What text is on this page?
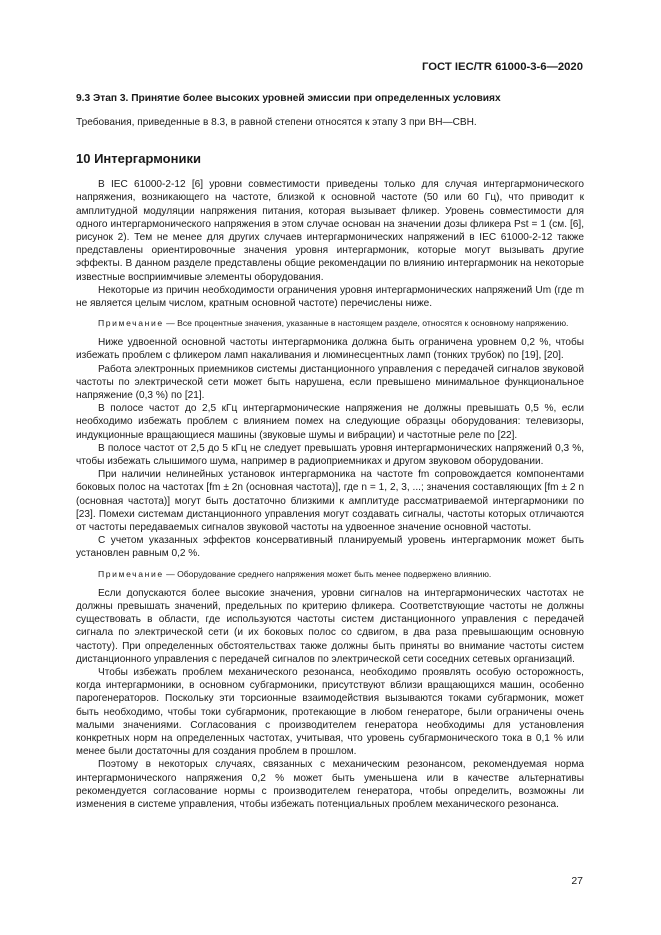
ГОСТ IEC/TR 61000-3-6—2020
9.3 Этап 3. Принятие более высоких уровней эмиссии при определенных условиях
Требования, приведенные в 8.3, в равной степени относятся к этапу 3 при ВН—СВН.
10 Интергармоники

В IEC 61000-2-12 [6] уровни совместимости приведены только для случая интергармонического напряжения, возникающего на частоте, близкой к основной частоте (50 или 60 Гц), что приводит к амплитудной модуляции напряжения питания, которая вызывает фликер. Уровень совместимости для одного интергармонического напряжения в этом случае основан на значении дозы фликера Pst = 1 (см. [6], рисунок 2). Тем не менее для других случаев интергармонических напряжений в IEC 61000-2-12 также представлены ориентировочные значения уровня интергармоник, которые могут вызывать другие эффекты. В данном разделе представлены общие рекомендации по влиянию интергармоник на некоторые известные восприимчивые элементы оборудования.

Некоторые из причин необходимости ограничения уровня интергармонических напряжений Um (где m не является целым числом, кратным основной частоте) перечислены ниже.

Примечание — Все процентные значения, указанные в настоящем разделе, относятся к основному напряжению.

Ниже удвоенной основной частоты интергармоника должна быть ограничена уровнем 0,2 %, чтобы избежать проблем с фликером ламп накаливания и люминесцентных ламп (тонких трубок) по [19], [20].

Работа электронных приемников системы дистанционного управления с передачей сигналов звуковой частоты по электрической сети может быть нарушена, если превышено минимальное функциональное напряжение (0,3 %) по [21].

В полосе частот до 2,5 кГц интергармонические напряжения не должны превышать 0,5 %, если необходимо избежать проблем с влиянием помех на следующие образцы оборудования: телевизоры, индукционные вращающиеся машины (звуковые шумы и вибрации) и частотные реле по [22].

В полосе частот от 2,5 до 5 кГц не следует превышать уровня интергармонических напряжений 0,3 %, чтобы избежать слышимого шума, например в радиоприемниках и другом звуковом оборудовании.

При наличии нелинейных установок интергармоника на частоте fm сопровождается компонентами боковых полос на частотах [fm ± 2n (основная частота)], где n = 1, 2, 3, ...; значения составляющих [fm ± 2 n (основная частота)] могут быть достаточно близкими к амплитуде рассматриваемой интергармоники по [23]. Помехи системам дистанционного управления могут создавать сигналы, частоты которых отличаются от частоты передаваемых сигналов звуковой частоты на удвоенное значение основной частоты.

С учетом указанных эффектов консервативный планируемый уровень интергармоник может быть установлен равным 0,2 %.

Примечание — Оборудование среднего напряжения может быть менее подвержено влиянию.

Если допускаются более высокие значения, уровни сигналов на интергармонических частотах не должны превышать значений, предельных по критерию фликера. Соответствующие частоты не должны существовать в области, где используются частоты систем дистанционного управления с передачей сигнала по электрической сети (и их боковых полос со сдвигом, в два раза превышающим основную частоту). При определенных обстоятельствах также должны быть приняты во внимание частоты систем дистанционного управления с передачей сигналов по электрической сети соседних сетевых организаций.

Чтобы избежать проблем механического резонанса, необходимо проявлять особую осторожность, когда интергармоники, в основном субгармоники, присутствуют вблизи вращающихся машин, особенно парогенераторов. Поскольку эти торсионные взаимодействия вызываются токами субгармоник, может быть необходимо, чтобы токи субгармоник, протекающие в любом генераторе, были ограничены очень малыми значениями. Согласования с производителем генератора необходимы для установления конкретных норм на определенных частотах, учитывая, что уровень субгармонического тока в 0,1 % или менее были достаточны для создания проблем в прошлом.

Поэтому в некоторых случаях, связанных с механическим резонансом, рекомендуемая норма интергармонического напряжения 0,2 % может быть уменьшена или в качестве альтернативы рекомендуется согласование нормы с производителем генератора, чтобы определить, возможны ли изменения в системе управления, чтобы избежать потенциальных проблем механического резонанса.

27
